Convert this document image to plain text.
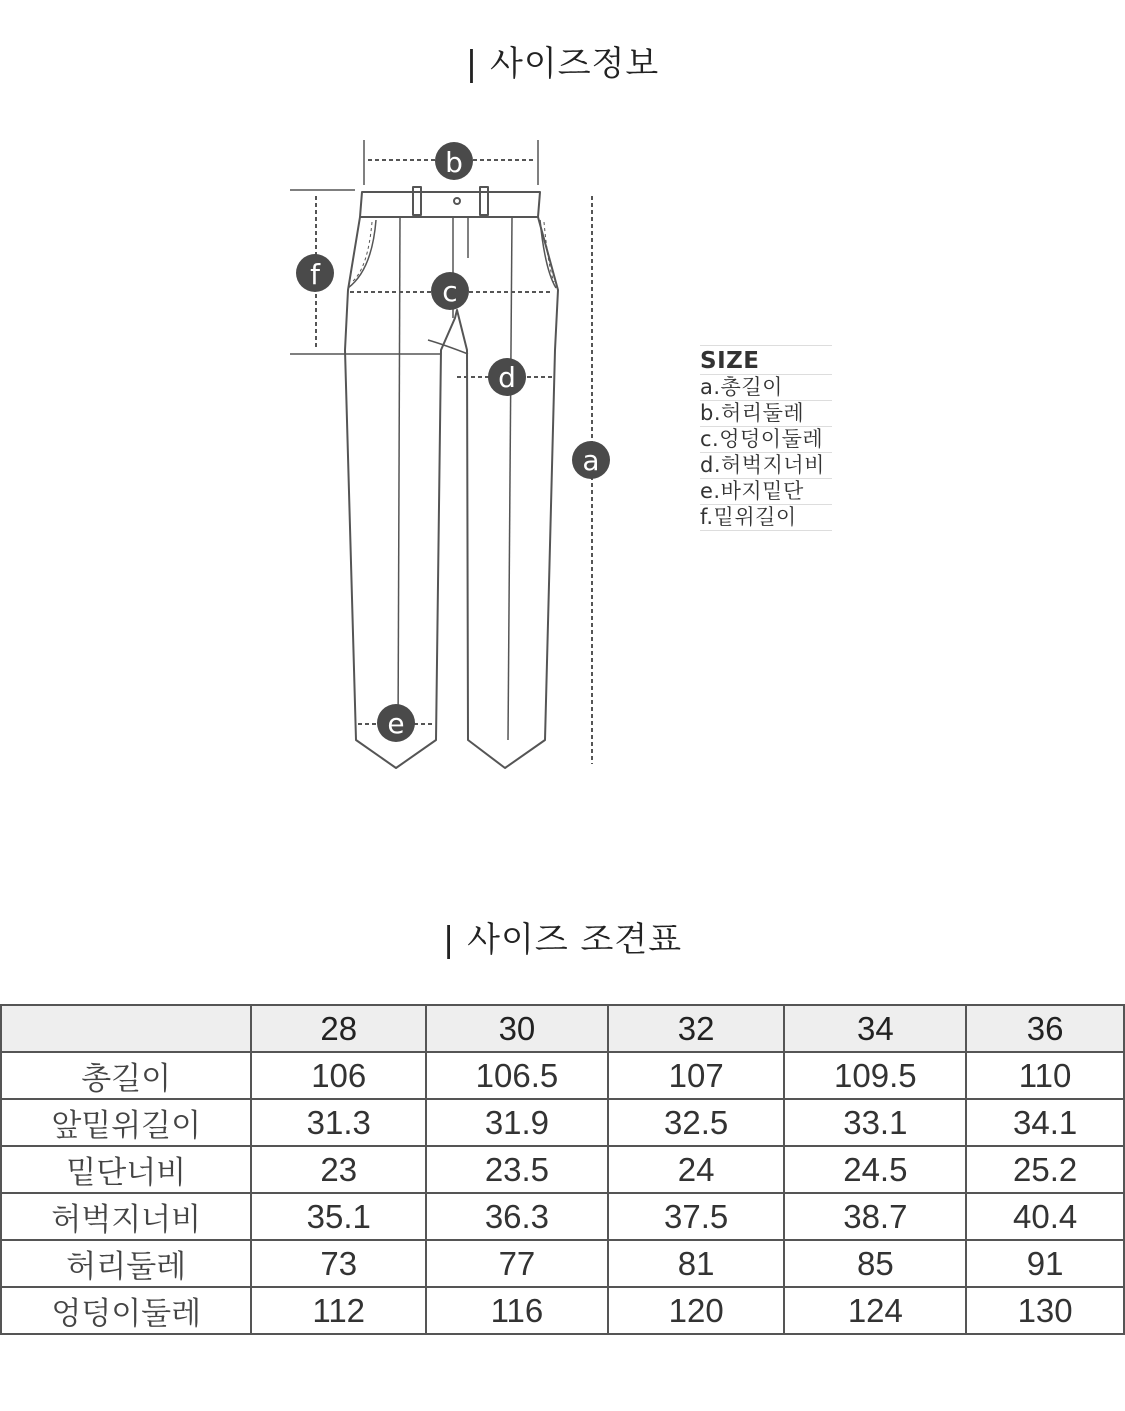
| 사이즈정보
b
f
c
d
a
e
SIZE
a.총길이
b.허리둘레
c.엉덩이둘레
d.허벅지너비
e.바지밑단
f.밑위길이
| 사이즈 조견표
	28	30	32	34	36
총길이	106	106.5	107	109.5	110
앞밑위길이	31.3	31.9	32.5	33.1	34.1
밑단너비	23	23.5	24	24.5	25.2
허벅지너비	35.1	36.3	37.5	38.7	40.4
허리둘레	73	77	81	85	91
엉덩이둘레	112	116	120	124	130
